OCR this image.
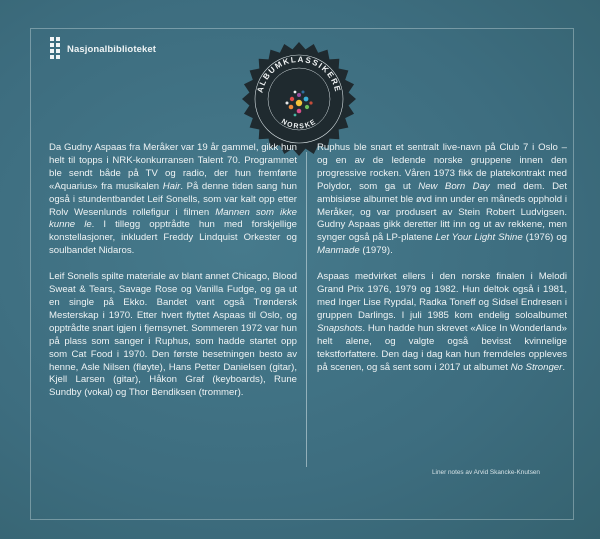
Nasjonalbiblioteket
ALBUMKLASSIKERE
NORSKE

Da Gudny Aspaas fra Meråker var 19 år gammel, gikk hun helt til topps i NRK-konkurransen Talent 70. Programmet ble sendt både på TV og radio, der hun fremførte «Aquarius» fra musikalen Hair. På denne tiden sang hun også i stundentbandet Leif Sonells, som var kalt opp etter Rolv Wesenlunds rollefigur i filmen Mannen som ikke kunne le. I tillegg opptrådte hun med forskjellige konstellasjoner, inkludert Freddy Lindquist Orkester og soulbandet Nidaros.

Leif Sonells spilte materiale av blant annet Chicago, Blood Sweat & Tears, Savage Rose og Vanilla Fudge, og ga ut en single på Ekko. Bandet vant også Trøndersk Mesterskap i 1970. Etter hvert flyttet Aspaas til Oslo, og opptrådte snart igjen i fjernsynet. Sommeren 1972 var hun på plass som sanger i Ruphus, som hadde startet opp som Cat Food i 1970. Den første besetningen besto av henne, Asle Nilsen (fløyte), Hans Petter Danielsen (gitar), Kjell Larsen (gitar), Håkon Graf (keyboards), Rune Sundby (vokal) og Thor Bendiksen (trommer).

Ruphus ble snart et sentralt live-navn på Club 7 i Oslo – og en av de ledende norske gruppene innen den progressive rocken. Våren 1973 fikk de platekontrakt med Polydor, som ga ut New Born Day med dem. Det ambisiøse albumet ble øvd inn under en måneds opphold i Meråker, og var produsert av Stein Robert Ludvigsen. Gudny Aspaas gikk deretter litt inn og ut av rekkene, men synger også på LP-platene Let Your Light Shine (1976) og Manmade (1979).

Aspaas medvirket ellers i den norske finalen i Melodi Grand Prix 1976, 1979 og 1982. Hun deltok også i 1981, med Inger Lise Rypdal, Radka Toneff og Sidsel Endresen i gruppen Darlings. I juli 1985 kom endelig soloalbumet Snapshots. Hun hadde hun skrevet «Alice In Wonderland» helt alene, og valgte også bevisst kvinnelige tekstforfattere. Den dag i dag kan hun fremdeles oppleves på scenen, og så sent som i 2017 ut albumet No Stronger.

Liner notes av Arvid Skancke-Knutsen
